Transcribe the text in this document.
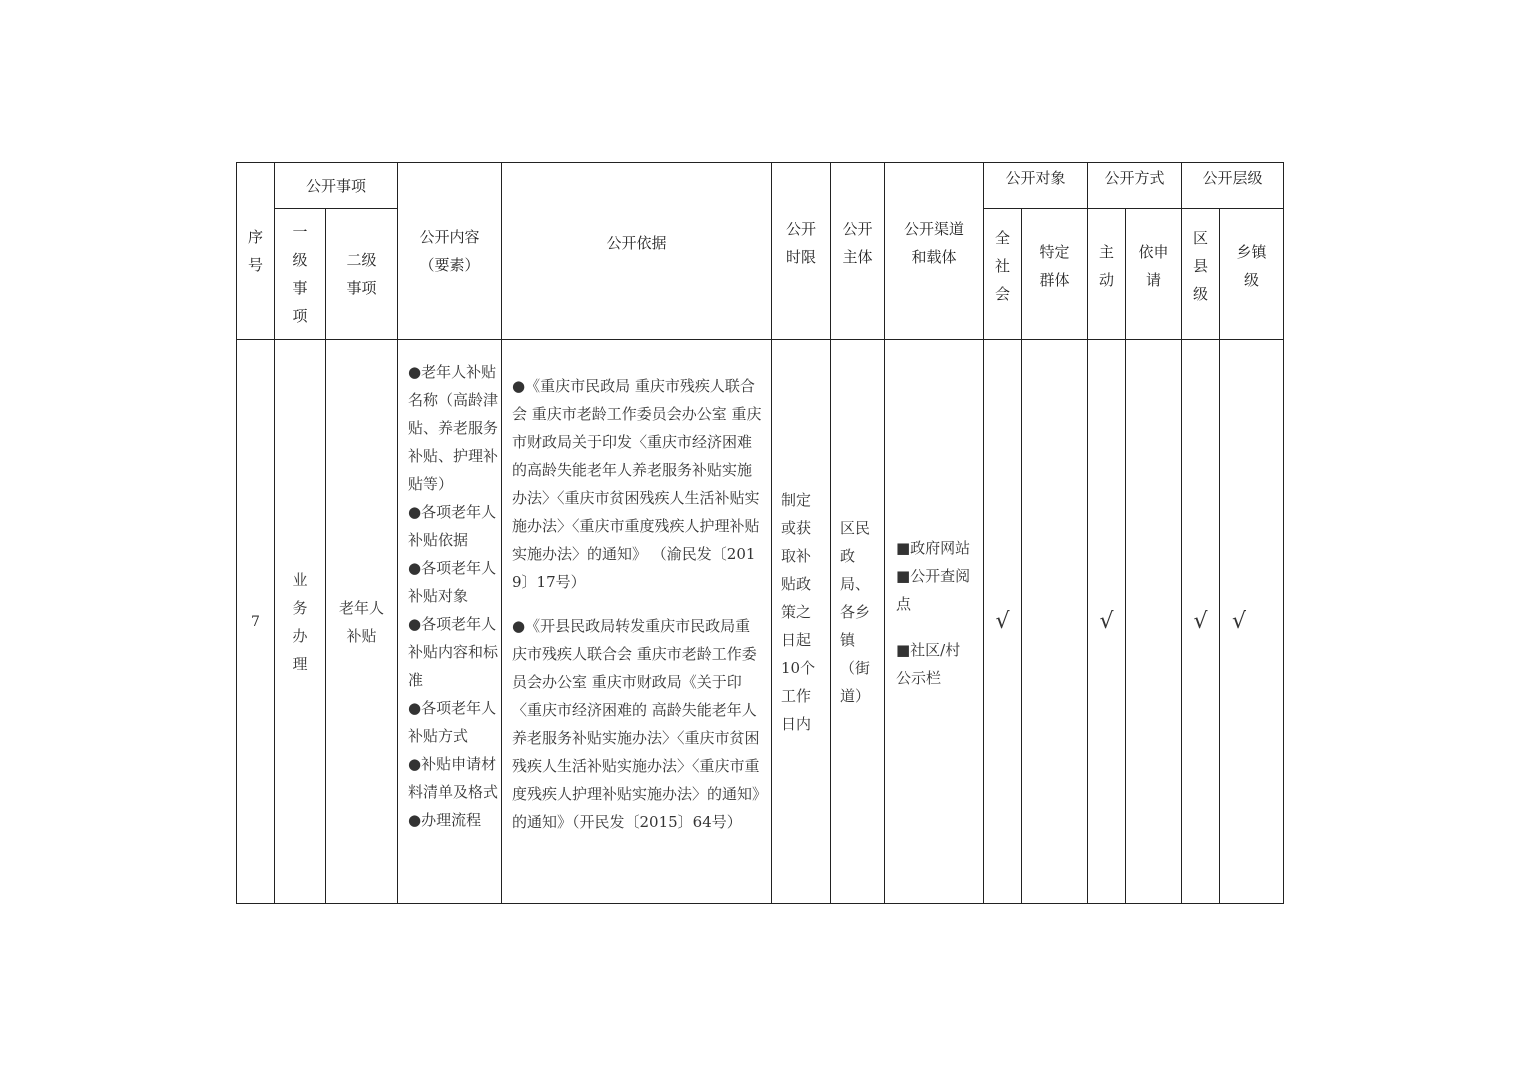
序号
公开事项
一级事项
二级事项
公开内容（要素）
公开依据
公开时限
公开主体
公开渠道和载体
公开对象
全社会
特定群体
公开方式
主动
依申请
公开层级
区县级
乡镇级
7
业务办理
老年人补贴
●老年人补贴名称（高龄津贴、养老服务补贴、护理补贴等）
●各项老年人补贴依据
●各项老年人补贴对象
●各项老年人补贴内容和标准
●各项老年人补贴方式
●补贴申请材料清单及格式
●办理流程
●《重庆市民政局 重庆市残疾人联合会 重庆市老龄工作委员会办公室 重庆市财政局关于印发〈重庆市经济困难的高龄失能老年人养老服务补贴实施办法〉〈重庆市贫困残疾人生活补贴实施办法〉〈重庆市重度残疾人护理补贴实施办法〉的通知》 （渝民发〔2019〕17号）
●《开县民政局转发重庆市民政局重庆市残疾人联合会 重庆市老龄工作委员会办公室 重庆市财政局《关于印〈重庆市经济困难的 高龄失能老年人养老服务补贴实施办法〉〈重庆市贫困残疾人生活补贴实施办法〉〈重庆市重度残疾人护理补贴实施办法〉的通知》的通知》（开民发〔2015〕64号）
制定或获取补贴政策之日起10个工作日内
区民政局、各乡镇（街道）
■政府网站 ■公开查阅点
■社区/村公示栏
√	√	√ √
